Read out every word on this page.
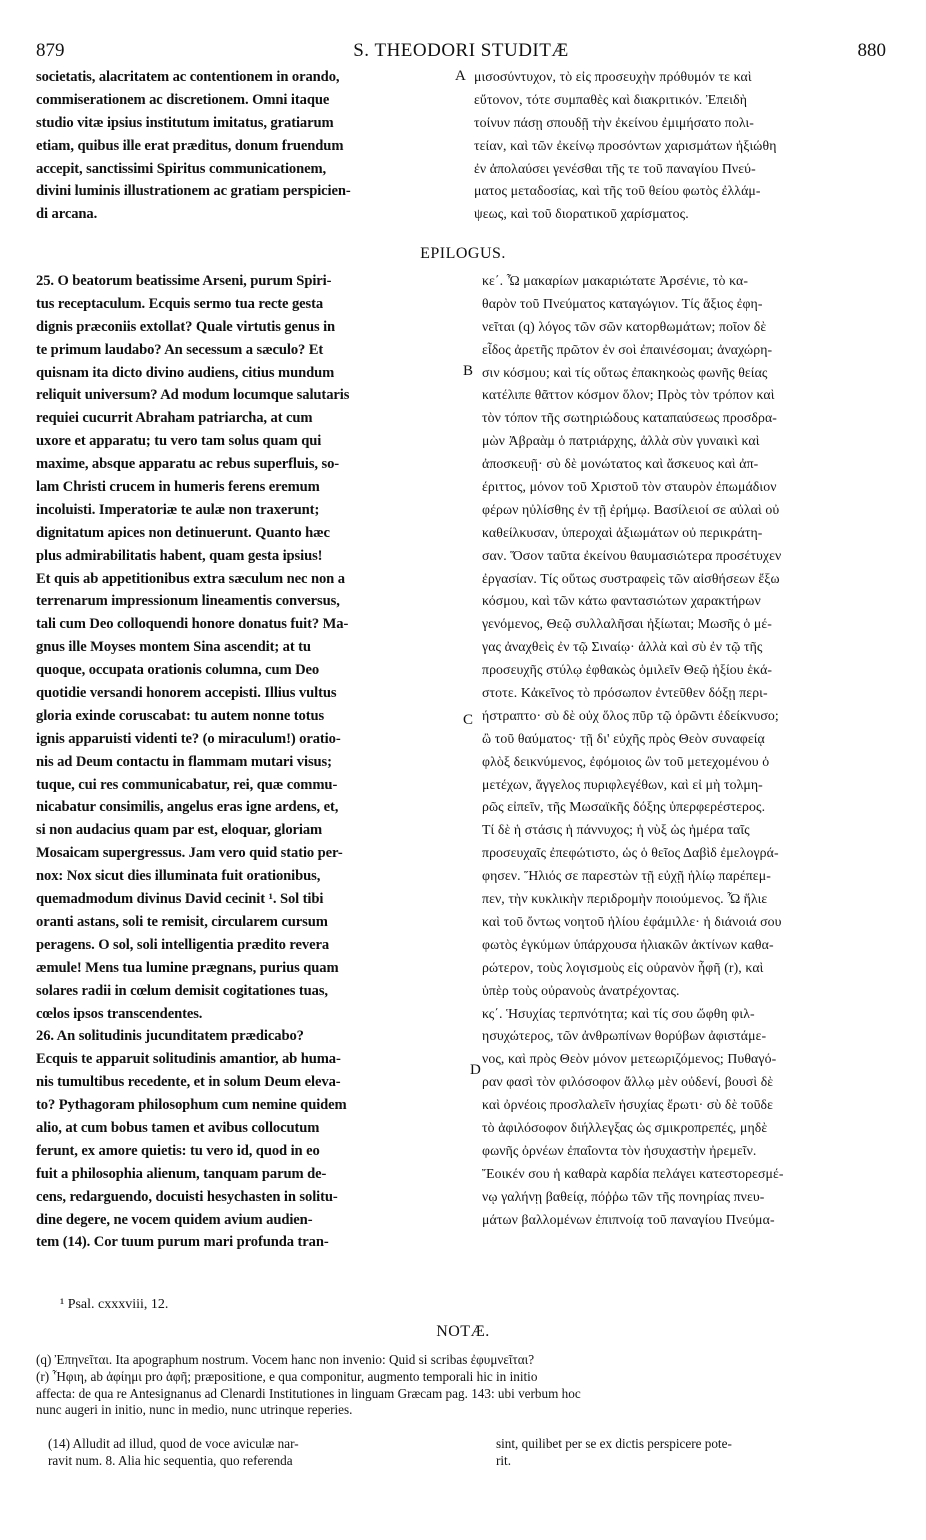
879	S. THEODORI STUDITÆ	880
societatis, alacritatem ac contentionem in orando,
commiserationem ac discretionem. Omni itaque
studio vitæ ipsius institutum imitatus, gratiarum
etiam, quibus ille erat præditus, donum fruendum
accepit, sanctissimi Spiritus communicationem,
divini luminis illustrationem ac gratiam perspicien-
di arcana.
μισοσύντυχον, τὸ εἰς προσευχὴν πρόθυμόν τε καὶ
εὔτονον, τότε συμπαθὲς καὶ διακριτικόν. Ἐπειδὴ
τοίνυν πάσῃ σπουδῇ τὴν ἐκείνου ἐμιμήσατο πολι-
τείαν, καὶ τῶν ἐκείνῳ προσόντων χαρισμάτων ἠξιώθη
ἐν ἀπολαύσει γενέσθαι τῆς τε τοῦ παναγίου Πνεύ-
ματος μεταδοσίας, καὶ τῆς τοῦ θείου φωτὸς ἐλλάμ-
ψεως, καὶ τοῦ διορατικοῦ χαρίσματος.
A
EPILOGUS.
25. O beatorum beatissime Arseni, purum Spiri-
tus receptaculum. Ecquis sermo tua recte gesta
dignis præconiis extollat? Quale virtutis genus in
te primum laudabo? An secessum a sæculo? Et
quisnam ita dicto divino audiens, citius mundum
reliquit universum? Ad modum locumque salutaris
requiei cucurrit Abraham patriarcha, at cum
uxore et apparatu; tu vero tam solus quam qui
maxime, absque apparatu ac rebus superfluis, so-
lam Christi crucem in humeris ferens eremum
incoluisti. Imperatoriæ te aulæ non traxerunt;
dignitatum apices non detinuerunt. Quanto hæc
plus admirabilitatis habent, quam gesta ipsius!
Et quis ab appetitionibus extra sæculum nec non a
terrenarum impressionum lineamentis conversus,
tali cum Deo colloquendi honore donatus fuit? Ma-
gnus ille Moyses montem Sina ascendit; at tu
quoque, occupata orationis columna, cum Deo
quotidie versandi honorem accepisti. Illius vultus
gloria exinde coruscabat: tu autem nonne totus
ignis apparuisti videnti te? (o miraculum!) oratio-
nis ad Deum contactu in flammam mutari visus;
tuque, cui res communicabatur, rei, quæ commu-
nicabatur consimilis, angelus eras igne ardens, et,
si non audacius quam par est, eloquar, gloriam
Mosaicam supergressus. Jam vero quid statio per-
nox: Nox sicut dies illuminata fuit orationibus,
quemadmodum divinus David cecinit ¹. Sol tibi
oranti astans, soli te remisit, circularem cursum
peragens. O sol, soli intelligentia prædito revera
æmule! Mens tua lumine prægnans, purius quam
solares radii in cœlum demisit cogitationes tuas,
cœlos ipsos transcendentes.
26. An solitudinis jucunditatem prædicabo?
Ecquis te apparuit solitudinis amantior, ab huma-
nis tumultibus recedente, et in solum Deum eleva-
to? Pythagoram philosophum cum nemine quidem
alio, at cum bobus tamen et avibus collocutum
ferunt, ex amore quietis: tu vero id, quod in eo
fuit a philosophia alienum, tanquam parum de-
cens, redarguendo, docuisti hesychasten in solitu-
dine degere, ne vocem quidem avium audien-
tem (14). Cor tuum purum mari profunda tran-
κε΄. Ὦ μακαρίων μακαριώτατε Ἀρσένιε, τὸ κα-
θαρὸν τοῦ Πνεύματος καταγώγιον. Τίς ἄξιος ἐφη-
νεῖται (q) λόγος τῶν σῶν κατορθωμάτων; ποῖον δὲ
εἶδος ἀρετῆς πρῶτον ἐν σοὶ ἐπαινέσομαι; ἀναχώρη-
σιν κόσμου; καὶ τίς οὕτως ἐπακηκοὼς φωνῆς θείας
κατέλιπε θᾶττον κόσμον ὅλον; Πρὸς τὸν τρόπον καὶ
τὸν τόπον τῆς σωτηριώδους καταπαύσεως προσδρα-
μὼν Ἀβραὰμ ὁ πατριάρχης, ἀλλὰ σὺν γυναικὶ καὶ
ἀποσκευῇ· σὺ δὲ μονώτατος καὶ ἄσκευος καὶ ἀπ-
έριττος, μόνον τοῦ Χριστοῦ τὸν σταυρὸν ἐπωμάδιον
φέρων ηὐλίσθης ἐν τῇ ἐρήμῳ. Βασίλειοί σε αὐλαὶ οὐ
καθείλκυσαν, ὑπεροχαὶ ἀξιωμάτων οὐ περικράτη-
σαν. Ὅσον ταῦτα ἐκείνου θαυμασιώτερα προσέτυχεν
ἐργασίαν. Τίς οὕτως συστραφεὶς τῶν αἰσθήσεων ἔξω
κόσμου, καὶ τῶν κάτω φαντασιώτων χαρακτήρων
γενόμενος, Θεῷ συλλαλῆσαι ἠξίωται; Μωσῆς ὁ μέ-
γας ἀναχθεὶς ἐν τῷ Σιναίῳ· ἀλλὰ καὶ σὺ ἐν τῷ τῆς
προσευχῆς στύλῳ ἐφθακὼς ὁμιλεῖν Θεῷ ἠξίου ἑκά-
στοτε. Κἀκεῖνος τὸ πρόσωπον ἐντεῦθεν δόξῃ περι-
ήστραπτο· σὺ δὲ οὐχ ὅλος πῦρ τῷ ὁρῶντι ἐδείκνυσο;
ὢ τοῦ θαύματος· τῇ δι' εὐχῆς πρὸς Θεὸν συναφείᾳ
φλὸξ δεικνύμενος, ἐφόμοιος ὢν τοῦ μετεχομένου ὁ
μετέχων, ἄγγελος πυριφλεγέθων, καὶ εἰ μὴ τολμη-
ρῶς εἰπεῖν, τῆς Μωσαϊκῆς δόξης ὑπερφερέστερος.
Τί δὲ ἡ στάσις ἡ πάννυχος; ἡ νὺξ ὡς ἡμέρα ταῖς
προσευχαῖς ἐπεφώτιστο, ὡς ὁ θεῖος Δαβὶδ ἐμελογρά-
φησεν. Ἥλιός σε παρεστὼν τῇ εὐχῇ ἡλίῳ παρέπεμ-
πεν, τὴν κυκλικὴν περιδρομὴν ποιούμενος. Ὦ ἥλιε
καὶ τοῦ ὄντως νοητοῦ ἡλίου ἐφάμιλλε· ἡ διάνοιά σου
φωτὸς ἐγκύμων ὑπάρχουσα ἡλιακῶν ἀκτίνων καθα-
ρώτερον, τοὺς λογισμοὺς εἰς οὐρανὸν ἧφῆ (r), καὶ
ὑπὲρ τοὺς οὐρανοὺς ἀνατρέχοντας.
κς΄. Ἡσυχίας τερπνότητα; καὶ τίς σου ὤφθη φιλ-
ησυχώτερος, τῶν ἀνθρωπίνων θορύβων ἀφιστάμε-
νος, καὶ πρὸς Θεὸν μόνον μετεωριζόμενος; Πυθαγό-
ραν φασὶ τὸν φιλόσοφον ἄλλῳ μὲν οὐδενί, βουσὶ δὲ
καὶ ὀρνέοις προσλαλεῖν ἡσυχίας ἔρωτι· σὺ δὲ τοῦδε
τὸ ἀφιλόσοφον διήλλεγξας ὡς σμικροπρεπές, μηδὲ
φωνῆς ὀρνέων ἐπαΐοντα τὸν ἡσυχαστὴν ἠρεμεῖν.
Ἔοικέν σου ἡ καθαρὰ καρδία πελάγει κατεστορεσμέ-
νῳ γαλήνῃ βαθείᾳ, πόῤῥω τῶν τῆς πονηρίας πνευ-
μάτων βαλλομένων ἐπιπνοίᾳ τοῦ παναγίου Πνεύμα-
B
C
D
¹ Psal. cxxxviii, 12.
NOTÆ.
(q) Ἐπηνεῖται. Ita apographum nostrum. Vocem hanc non invenio: Quid si scribas ἐφυμνεῖται?
(r) Ἧφιη, ab ἀφίημι pro ἀφῆ; præpositione, e qua componitur, augmento temporali hic in initio
affecta: de qua re Antesignanus ad Clenardi Institutiones in linguam Græcam pag. 143: ubi verbum hoc
nunc augeri in initio, nunc in medio, nunc utrinque reperies.
(14) Alludit ad illud, quod de voce aviculæ nar-
ravit num. 8. Alia hic sequentia, quo referenda
sint, quilibet per se ex dictis perspicere pote-
rit.
